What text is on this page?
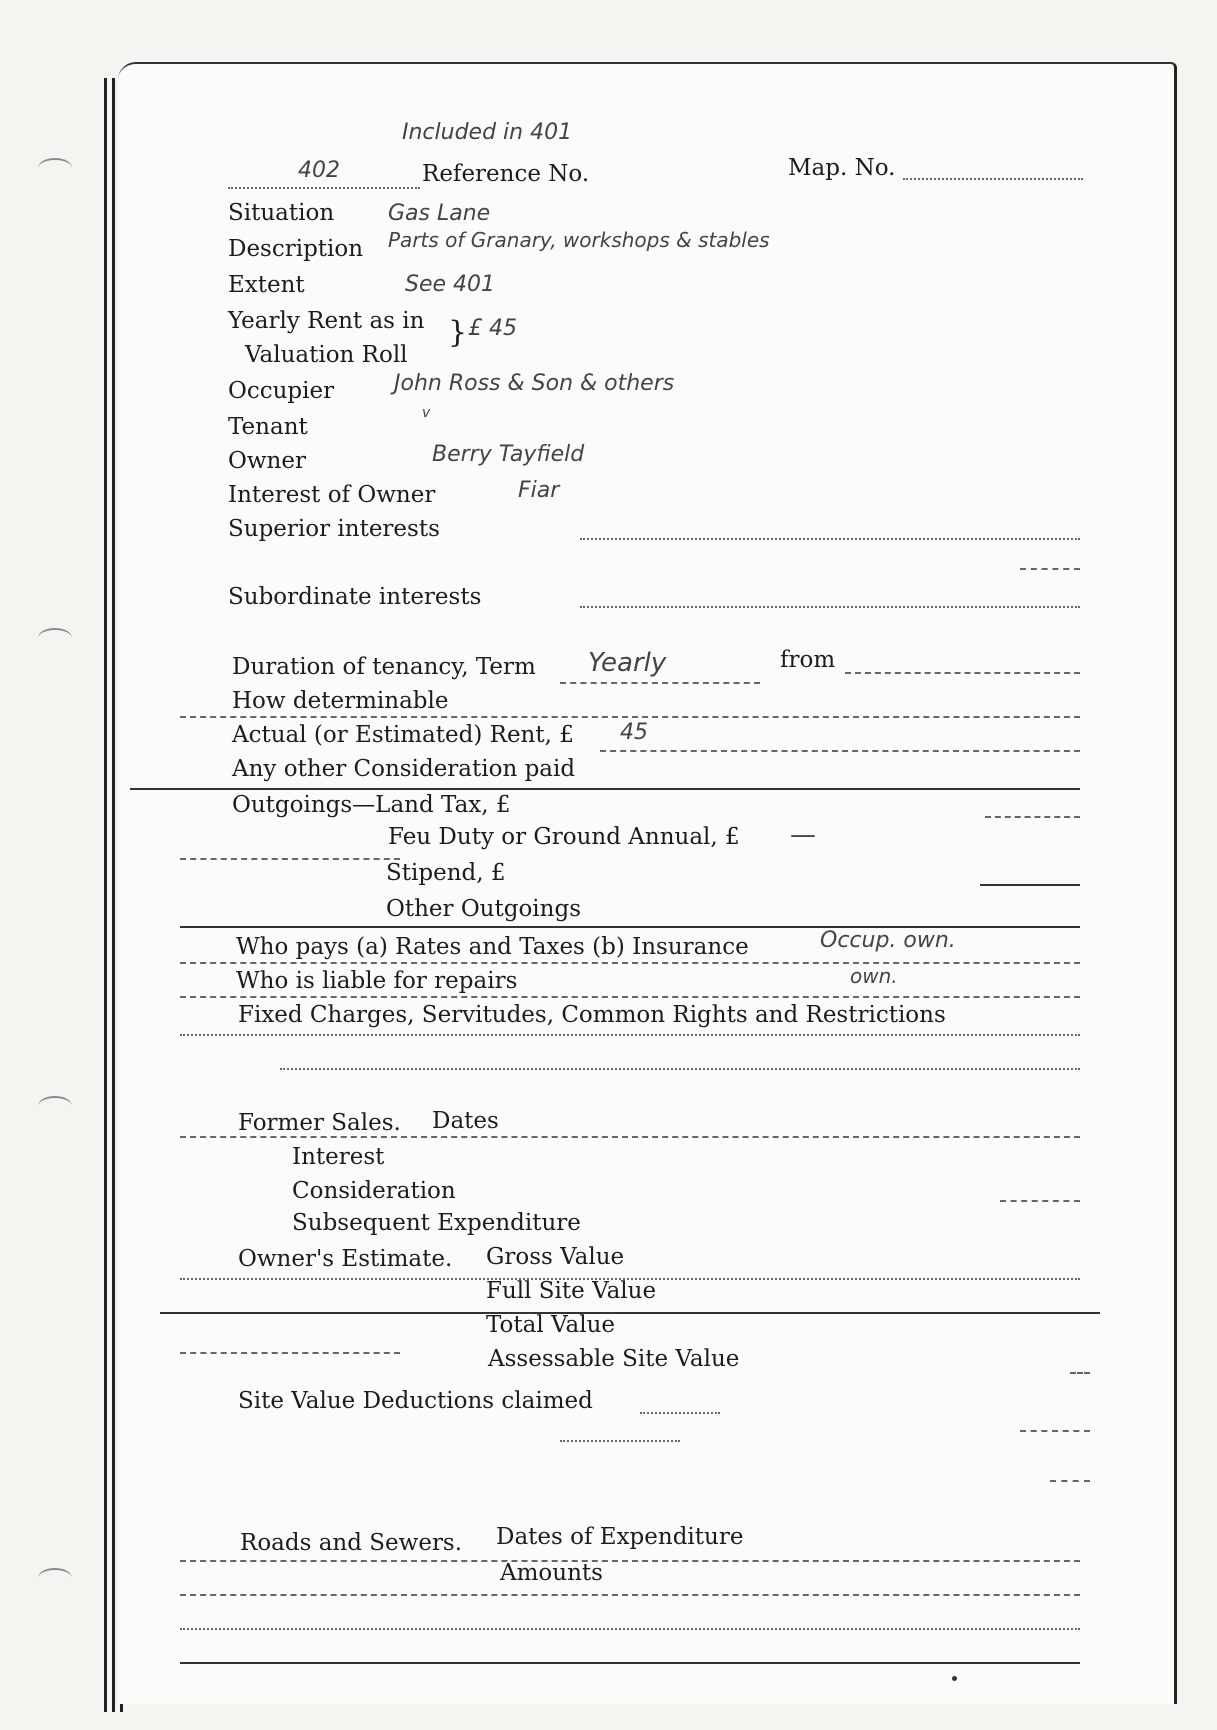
Included in 401
402	Reference No.	Map. No.
Situation Gas Lane
Description Parts of Granary, workshops & stables
Extent	See 401
Yearly Rent as in
Valuation Roll
} £ 45
Occupier	John Ross & Son & others
Tenant
v
Owner	Berry Tayfield
Interest of Owner	Fiar
Superior interests
Subordinate interests
Duration of tenancy, Term Yearly	from
How determinable
Actual (or Estimated) Rent, £ 45
Any other Consideration paid
Outgoings—Land Tax, £
Feu Duty or Ground Annual, £ —
Stipend, £
Other Outgoings
Who pays (a) Rates and Taxes (b) Insurance	Occup. own.
Who is liable for repairs	own.
Fixed Charges, Servitudes, Common Rights and Restrictions
Former Sales. Dates
Interest
Consideration
Subsequent Expenditure
Owner's Estimate. Gross Value
Full Site Value
Total Value
Assessable Site Value
Site Value Deductions claimed
Roads and Sewers. Dates of Expenditure
Amounts
